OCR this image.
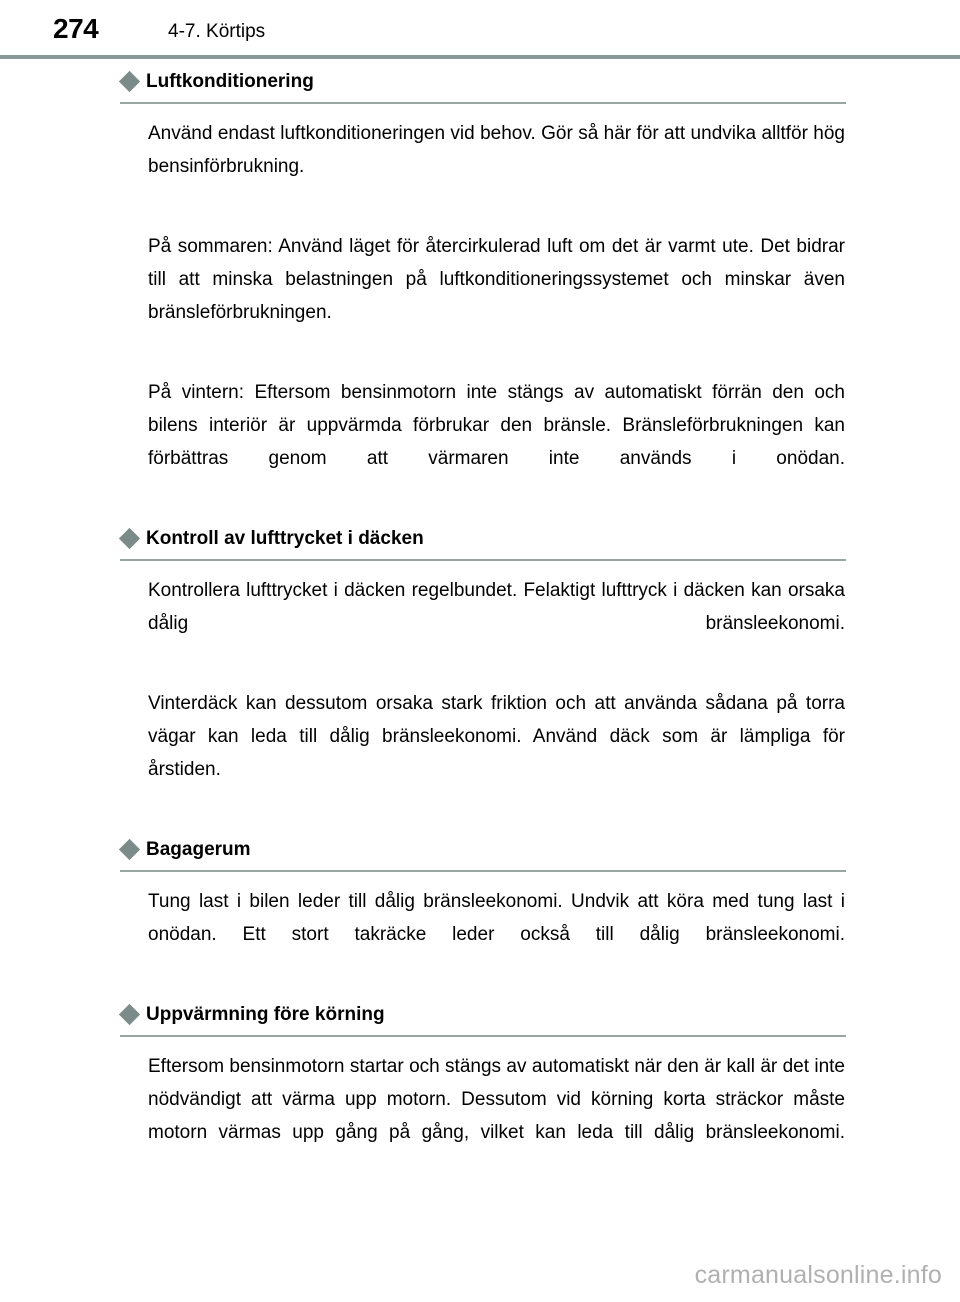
274	4-7. Körtips
Luftkonditionering

Använd endast luftkonditioneringen vid behov. Gör så här för att undvika alltför hög bensinförbrukning.

På sommaren: Använd läget för återcirkulerad luft om det är varmt ute. Det bidrar till att minska belastningen på luftkonditioneringssystemet och minskar även bränsleförbrukningen.

På vintern: Eftersom bensinmotorn inte stängs av automatiskt förrän den och bilens interiör är uppvärmda förbrukar den bränsle. Bränsleförbrukningen kan förbättras genom att värmaren inte används i onödan.

Kontroll av lufttrycket i däcken

Kontrollera lufttrycket i däcken regelbundet. Felaktigt lufttryck i däcken kan orsaka dålig bränsleekonomi.

Vinterdäck kan dessutom orsaka stark friktion och att använda sådana på torra vägar kan leda till dålig bränsleekonomi. Använd däck som är lämpliga för årstiden.

Bagagerum

Tung last i bilen leder till dålig bränsleekonomi. Undvik att köra med tung last i onödan. Ett stort takräcke leder också till dålig bränsleekonomi.

Uppvärmning före körning

Eftersom bensinmotorn startar och stängs av automatiskt när den är kall är det inte nödvändigt att värma upp motorn. Dessutom vid körning korta sträckor måste motorn värmas upp gång på gång, vilket kan leda till dålig bränsleekonomi.

carmanualsonline.info
